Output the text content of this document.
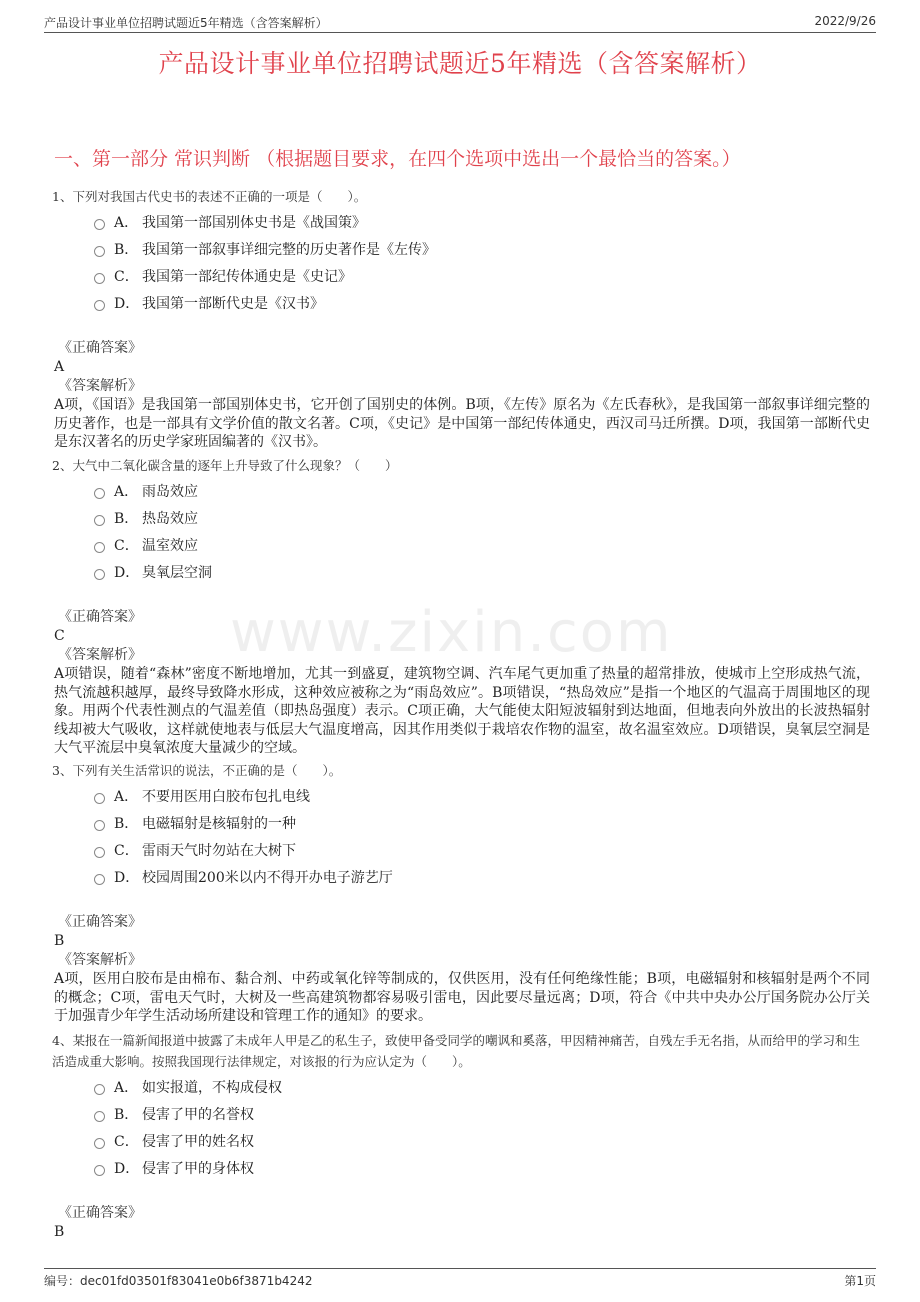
产品设计事业单位招聘试题近5年精选（含答案解析）	2022/9/26
产品设计事业单位招聘试题近5年精选（含答案解析）
一、第一部分 常识判断 （根据题目要求，在四个选项中选出一个最恰当的答案。）
www.zixin.com
1、下列对我国古代史书的表述不正确的一项是（　　）。
A． 我国第一部国别体史书是《战国策》
B． 我国第一部叙事详细完整的历史著作是《左传》
C． 我国第一部纪传体通史是《史记》
D． 我国第一部断代史是《汉书》
《正确答案》
A
《答案解析》
A项，《国语》是我国第一部国别体史书，它开创了国别史的体例。B项，《左传》原名为《左氏春秋》，是我国第一部叙事详细完整的历史著作，也是一部具有文学价值的散文名著。C项，《史记》是中国第一部纪传体通史，西汉司马迁所撰。D项，我国第一部断代史是东汉著名的历史学家班固编著的《汉书》。
2、大气中二氧化碳含量的逐年上升导致了什么现象？（　　）
A． 雨岛效应
B． 热岛效应
C． 温室效应
D． 臭氧层空洞
《正确答案》
C
《答案解析》
A项错误，随着“森林”密度不断地增加，尤其一到盛夏，建筑物空调、汽车尾气更加重了热量的超常排放，使城市上空形成热气流，热气流越积越厚，最终导致降水形成，这种效应被称之为“雨岛效应”。B项错误，“热岛效应”是指一个地区的气温高于周围地区的现象。用两个代表性测点的气温差值（即热岛强度）表示。C项正确，大气能使太阳短波辐射到达地面，但地表向外放出的长波热辐射线却被大气吸收，这样就使地表与低层大气温度增高，因其作用类似于栽培农作物的温室，故名温室效应。D项错误，臭氧层空洞是大气平流层中臭氧浓度大量减少的空域。
3、下列有关生活常识的说法，不正确的是（　　）。
A． 不要用医用白胶布包扎电线
B． 电磁辐射是核辐射的一种
C． 雷雨天气时勿站在大树下
D． 校园周围200米以内不得开办电子游艺厅
《正确答案》
B
《答案解析》
A项，医用白胶布是由棉布、黏合剂、中药或氧化锌等制成的，仅供医用，没有任何绝缘性能；B项，电磁辐射和核辐射是两个不同的概念；C项，雷电天气时，大树及一些高建筑物都容易吸引雷电，因此要尽量远离；D项，符合《中共中央办公厅国务院办公厅关于加强青少年学生活动场所建设和管理工作的通知》的要求。
4、某报在一篇新闻报道中披露了未成年人甲是乙的私生子，致使甲备受同学的嘲讽和奚落，甲因精神痛苦，自残左手无名指，从而给甲的学习和生活造成重大影响。按照我国现行法律规定，对该报的行为应认定为（　　）。
A． 如实报道，不构成侵权
B． 侵害了甲的名誉权
C． 侵害了甲的姓名权
D． 侵害了甲的身体权
《正确答案》
B
编号：dec01fd03501f83041e0b6f3871b4242	第1页
